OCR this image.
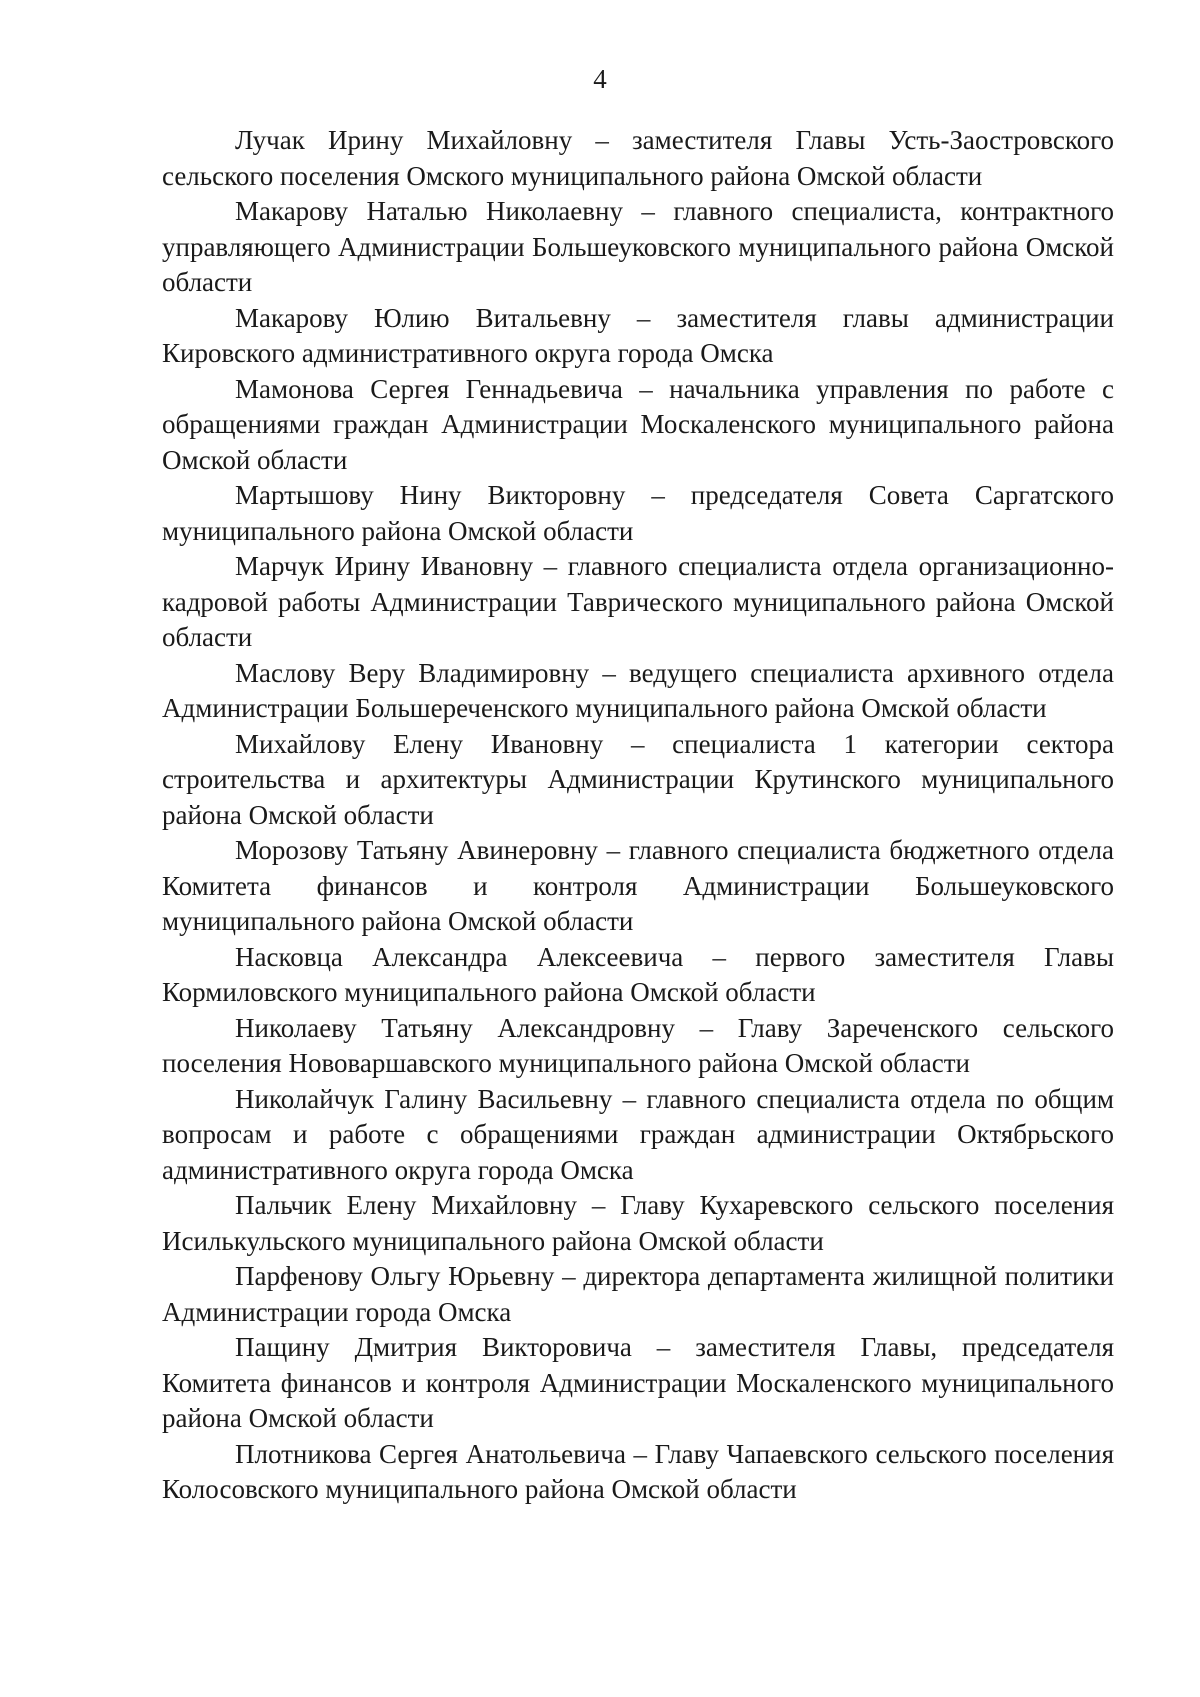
4

Лучак Ирину Михайловну – заместителя Главы Усть-Заостровского сельского поселения Омского муниципального района Омской области

Макарову Наталью Николаевну – главного специалиста, контрактного управляющего Администрации Большеуковского муниципального района Омской области

Макарову Юлию Витальевну – заместителя главы администрации Кировского административного округа города Омска

Мамонова Сергея Геннадьевича – начальника управления по работе с обращениями граждан Администрации Москаленского муниципального района Омской области

Мартышову Нину Викторовну – председателя Совета Саргатского муниципального района Омской области

Марчук Ирину Ивановну – главного специалиста отдела организационно-кадровой работы Администрации Таврического муниципального района Омской области

Маслову Веру Владимировну – ведущего специалиста архивного отдела Администрации Большереченского муниципального района Омской области

Михайлову Елену Ивановну – специалиста 1 категории сектора строительства и архитектуры Администрации Крутинского муниципального района Омской области

Морозову Татьяну Авинеровну – главного специалиста бюджетного отдела Комитета финансов и контроля Администрации Большеуковского муниципального района Омской области

Насковца Александра Алексеевича – первого заместителя Главы Кормиловского муниципального района Омской области

Николаеву Татьяну Александровну – Главу Зареченского сельского поселения Нововаршавского муниципального района Омской области

Николайчук Галину Васильевну – главного специалиста отдела по общим вопросам и работе с обращениями граждан администрации Октябрьского административного округа города Омска

Пальчик Елену Михайловну – Главу Кухаревского сельского поселения Исилькульского муниципального района Омской области

Парфенову Ольгу Юрьевну – директора департамента жилищной политики Администрации города Омска

Пащину Дмитрия Викторовича – заместителя Главы, председателя Комитета финансов и контроля Администрации Москаленского муниципального района Омской области

Плотникова Сергея Анатольевича – Главу Чапаевского сельского поселения Колосовского муниципального района Омской области
